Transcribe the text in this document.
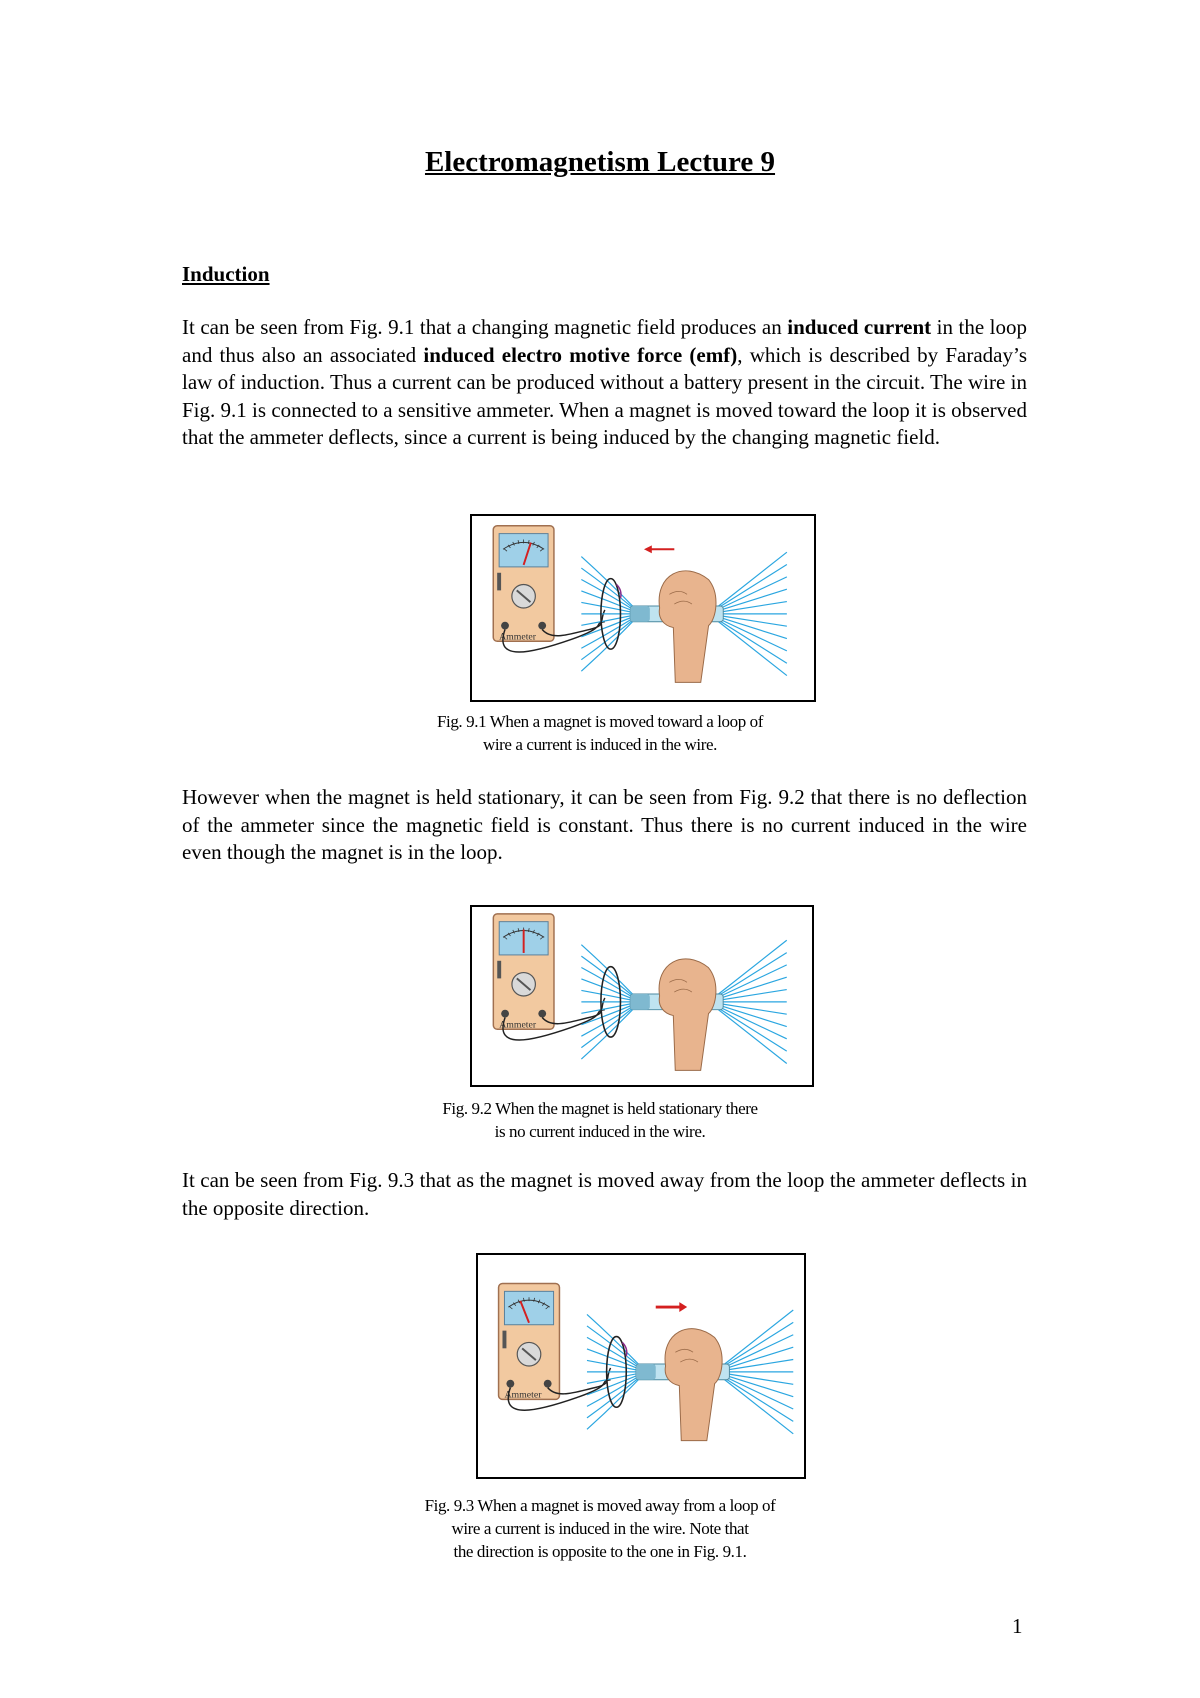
Electromagnetism Lecture 9
Induction

It can be seen from Fig. 9.1 that a changing magnetic field produces an induced current in the loop and thus also an associated induced electro motive force (emf), which is described by Faraday’s law of induction. Thus a current can be produced without a battery present in the circuit. The wire in Fig. 9.1 is connected to a sensitive ammeter. When a magnet is moved toward the loop it is observed that the ammeter deflects, since a current is being induced by the changing magnetic field.

Ammeter
Fig. 9.1 When a magnet is moved toward a loop of
wire a current is induced in the wire.

However when the magnet is held stationary, it can be seen from Fig. 9.2 that there is no deflection of the ammeter since the magnetic field is constant. Thus there is no current induced in the wire even though the magnet is in the loop.

Ammeter
Fig. 9.2 When the magnet is held stationary there
is no current induced in the wire.

It can be seen from Fig. 9.3 that as the magnet is moved away from the loop the ammeter deflects in the opposite direction.

Ammeter
Fig. 9.3 When a magnet is moved away from a loop of
wire a current is induced in the wire. Note that
the direction is opposite to the one in Fig. 9.1.
1
